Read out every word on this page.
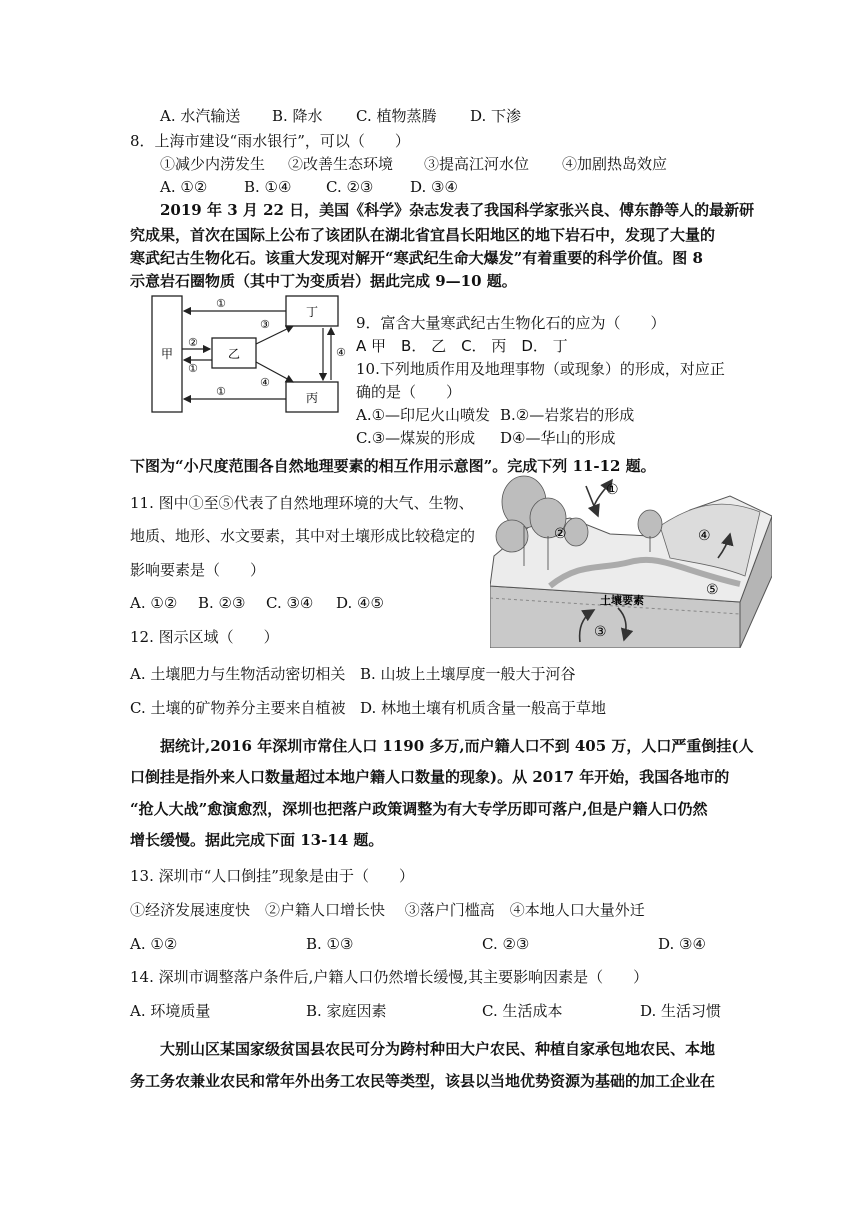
A. 水汽输送 B. 降水 C. 植物蒸腾 D. 下渗
8．上海市建设“雨水银行”，可以（　　）
①减少内涝发生 ②改善生态环境 ③提高江河水位 ④加剧热岛效应
A. ①② B. ①④ C. ②③ D. ③④
2019 年 3 月 22 日，美国《科学》杂志发表了我国科学家张兴良、傅东静等人的最新研
究成果，首次在国际上公布了该团队在湖北省宜昌长阳地区的地下岩石中，发现了大量的
寒武纪古生物化石。该重大发现对解开“寒武纪生命大爆发”有着重要的科学价值。图 8
示意岩石圈物质（其中丁为变质岩）据此完成 9—10 题。
甲	乙
丁
丙
①
②
①
③
④
④
①
9．富含大量寒武纪古生物化石的应为（　　）
A 甲　B． 乙　C． 丙　D． 丁
10.下列地质作用及地理事物（或现象）的形成，对应正
确的是（　　）
A.①—印尼火山喷发 B.②—岩浆岩的形成
C.③—煤炭的形成 D④—华山的形成
下图为“小尺度范围各自然地理要素的相互作用示意图”。完成下列 11-12 题。
11. 图中①至⑤代表了自然地理环境的大气、生物、
地质、地形、水文要素，其中对土壤形成比较稳定的
影响要素是（　　）
A. ①② B. ②③ C. ③④ D. ④⑤
12. 图示区域（　　）
①
②
③
④
⑤
土壤要素
A. 土壤肥力与生物活动密切相关 B. 山坡上土壤厚度一般大于河谷
C. 土壤的矿物养分主要来自植被 D. 林地土壤有机质含量一般高于草地
据统计,2016 年深圳市常住人口 1190 多万,而户籍人口不到 405 万，人口严重倒挂(人
口倒挂是指外来人口数量超过本地户籍人口数量的现象)。从 2017 年开始，我国各地市的
“抢人大战”愈演愈烈，深圳也把落户政策调整为有大专学历即可落户,但是户籍人口仍然
增长缓慢。据此完成下面 13-14 题。
13. 深圳市“人口倒挂”现象是由于（　　）
①经济发展速度快　②户籍人口增长快　 ③落户门槛高　④本地人口大量外迁
A. ①②	B. ①③	C. ②③	D. ③④
14. 深圳市调整落户条件后,户籍人口仍然增长缓慢,其主要影响因素是（　　）
A. 环境质量	B. 家庭因素	C. 生活成本	D. 生活习惯
大别山区某国家级贫国县农民可分为跨村种田大户农民、种植自家承包地农民、本地
务工务农兼业农民和常年外出务工农民等类型，该县以当地优势资源为基础的加工企业在
